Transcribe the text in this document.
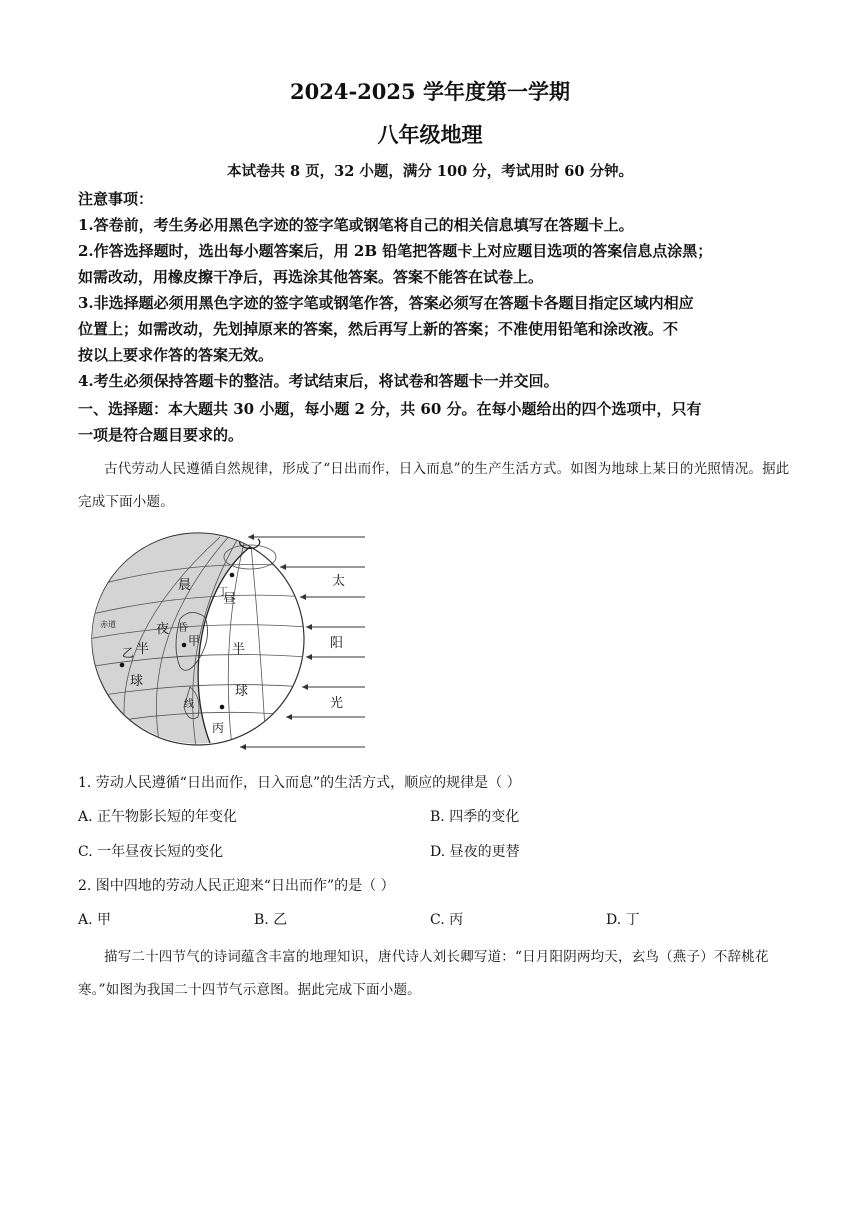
2024-2025 学年度第一学期
八年级地理
本试卷共 8 页，32 小题，满分 100 分，考试用时 60 分钟。
注意事项：
1.答卷前，考生务必用黑色字迹的签字笔或钢笔将自己的相关信息填写在答题卡上。
2.作答选择题时，选出每小题答案后，用 2B 铅笔把答题卡上对应题目选项的答案信息点涂黑；
如需改动，用橡皮擦干净后，再选涂其他答案。答案不能答在试卷上。
3.非选择题必须用黑色字迹的签字笔或钢笔作答，答案必须写在答题卡各题目指定区域内相应
位置上；如需改动，先划掉原来的答案，然后再写上新的答案；不准使用铅笔和涂改液。不
按以上要求作答的答案无效。
4.考生必须保持答题卡的整洁。考试结束后，将试卷和答题卡一并交回。
一、选择题：本大题共 30 小题，每小题 2 分，共 60 分。在每小题给出的四个选项中，只有
一项是符合题目要求的。
古代劳动人民遵循自然规律，形成了“日出而作，日入而息”的生产生活方式。如图为地球上某日的光照情况。据此完成下面小题。
太
阳
光
晨
夜
半
球
昼
昏
甲
乙
丙
丁
半
球
赤道
线
1. 劳动人民遵循“日出而作，日入而息”的生活方式，顺应的规律是（ ）
A. 正午物影长短的年变化	B. 四季的变化
C. 一年昼夜长短的变化	D. 昼夜的更替
2. 图中四地的劳动人民正迎来“日出而作”的是（ ）
A. 甲	B. 乙	C. 丙	D. 丁
描写二十四节气的诗词蕴含丰富的地理知识，唐代诗人刘长卿写道：“日月阳阴两均天，玄鸟（燕子）不辞桃花寒。”如图为我国二十四节气示意图。据此完成下面小题。
